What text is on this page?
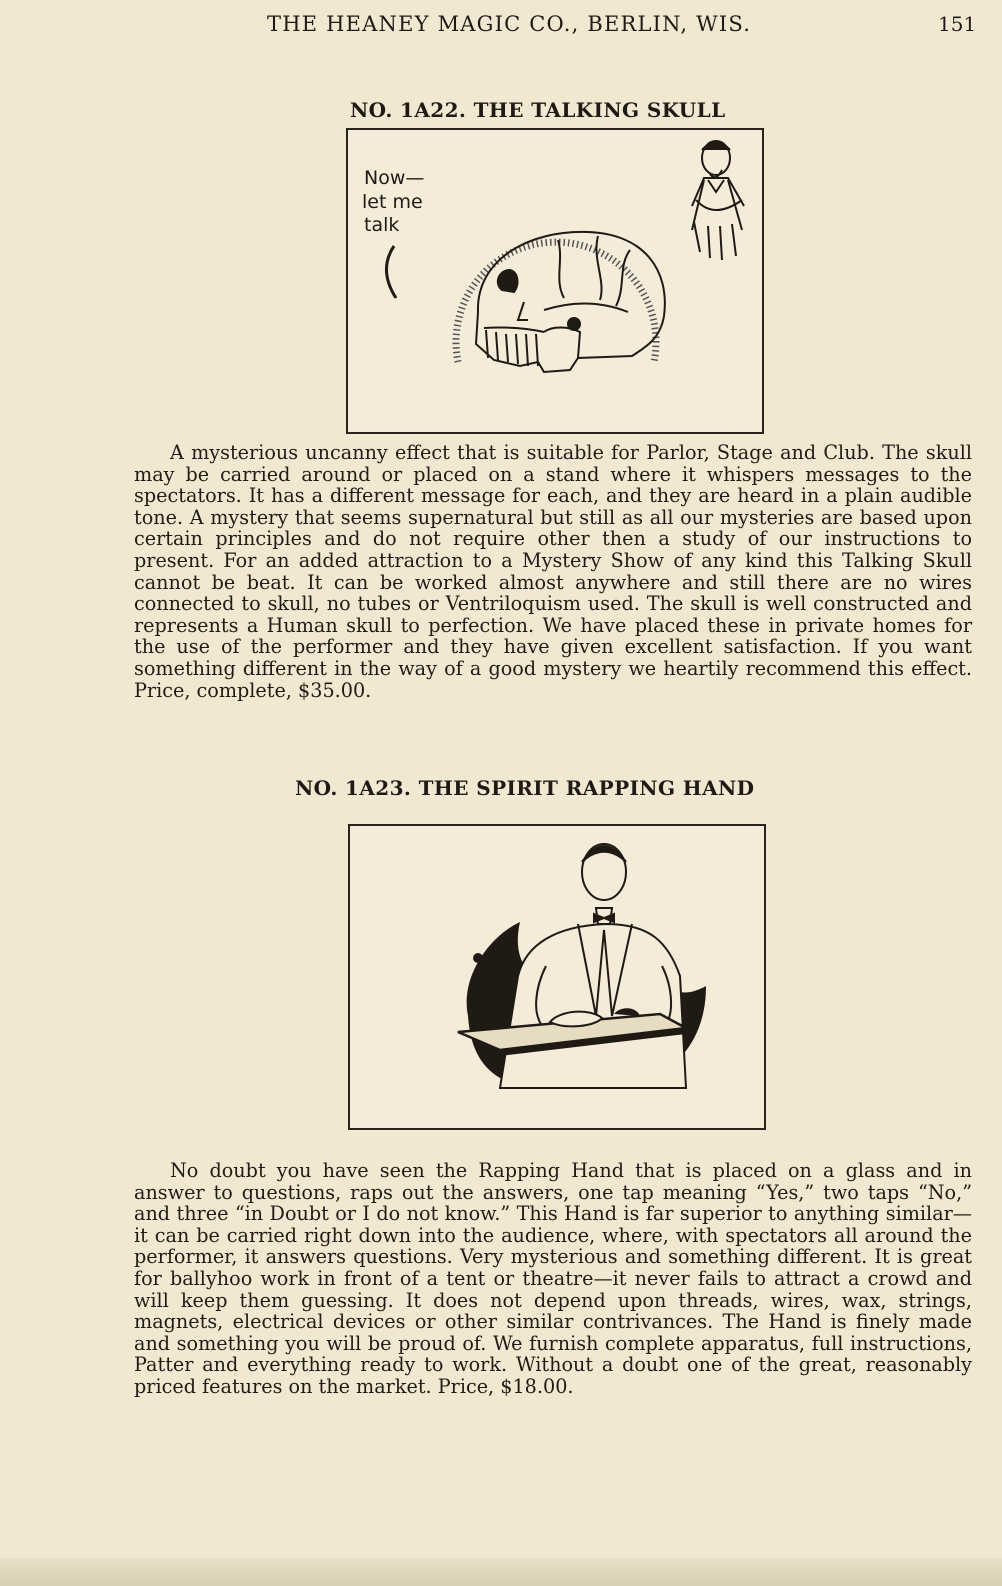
THE HEANEY MAGIC CO., BERLIN, WIS.	151
NO. 1A22. THE TALKING SKULL
Now—
let me
talk

A mysterious uncanny effect that is suitable for Parlor, Stage and Club. The skull may be carried around or placed on a stand where it whispers messages to the spectators. It has a different message for each, and they are heard in a plain audible tone. A mystery that seems supernatural but still as all our mysteries are based upon certain principles and do not require other then a study of our instructions to present. For an added attraction to a Mystery Show of any kind this Talking Skull cannot be beat. It can be worked almost anywhere and still there are no wires connected to skull, no tubes or Ventriloquism used. The skull is well constructed and represents a Human skull to perfection. We have placed these in private homes for the use of the performer and they have given excellent satisfaction. If you want something different in the way of a good mystery we heartily recommend this effect. Price, complete, $35.00.

NO. 1A23. THE SPIRIT RAPPING HAND

No doubt you have seen the Rapping Hand that is placed on a glass and in answer to questions, raps out the answers, one tap meaning “Yes,” two taps “No,” and three “in Doubt or I do not know.” This Hand is far superior to anything similar—it can be carried right down into the audience, where, with spectators all around the performer, it answers questions. Very mysterious and something different. It is great for ballyhoo work in front of a tent or theatre—it never fails to attract a crowd and will keep them guessing. It does not depend upon threads, wires, wax, strings, magnets, electrical devices or other similar contrivances. The Hand is finely made and something you will be proud of. We furnish complete apparatus, full instructions, Patter and everything ready to work. Without a doubt one of the great, reasonably priced features on the market. Price, $18.00.
